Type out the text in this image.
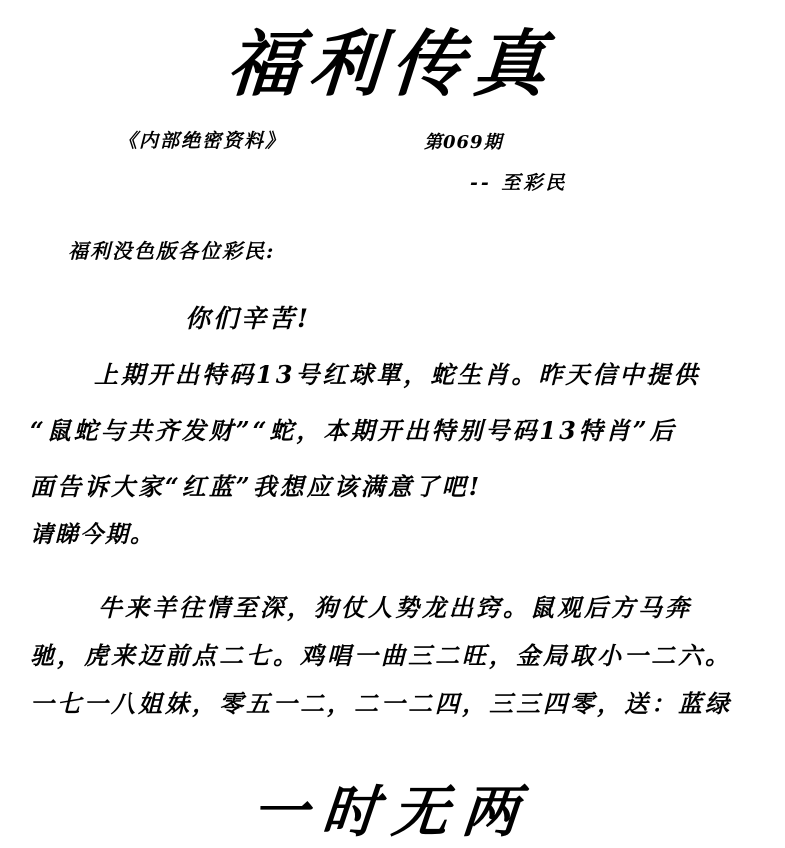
福利传真
《内部绝密资料》	第069期
-- 至彩民
福利没色版各位彩民:
你们辛苦!
上期开出特码13号红球單，蛇生肖。昨天信中提供
“鼠蛇与共齐发财”“蛇，本期开出特别号码13特肖”后
面告诉大家“红蓝”我想应该满意了吧!
请睇今期。
牛来羊往情至深，狗仗人势龙出窍。鼠观后方马奔
驰，虎来迈前点二七。鸡唱一曲三二旺，金局取小一二六。
一七一八姐妹，零五一二，二一二四，三三四零，送：蓝绿
一时无两
